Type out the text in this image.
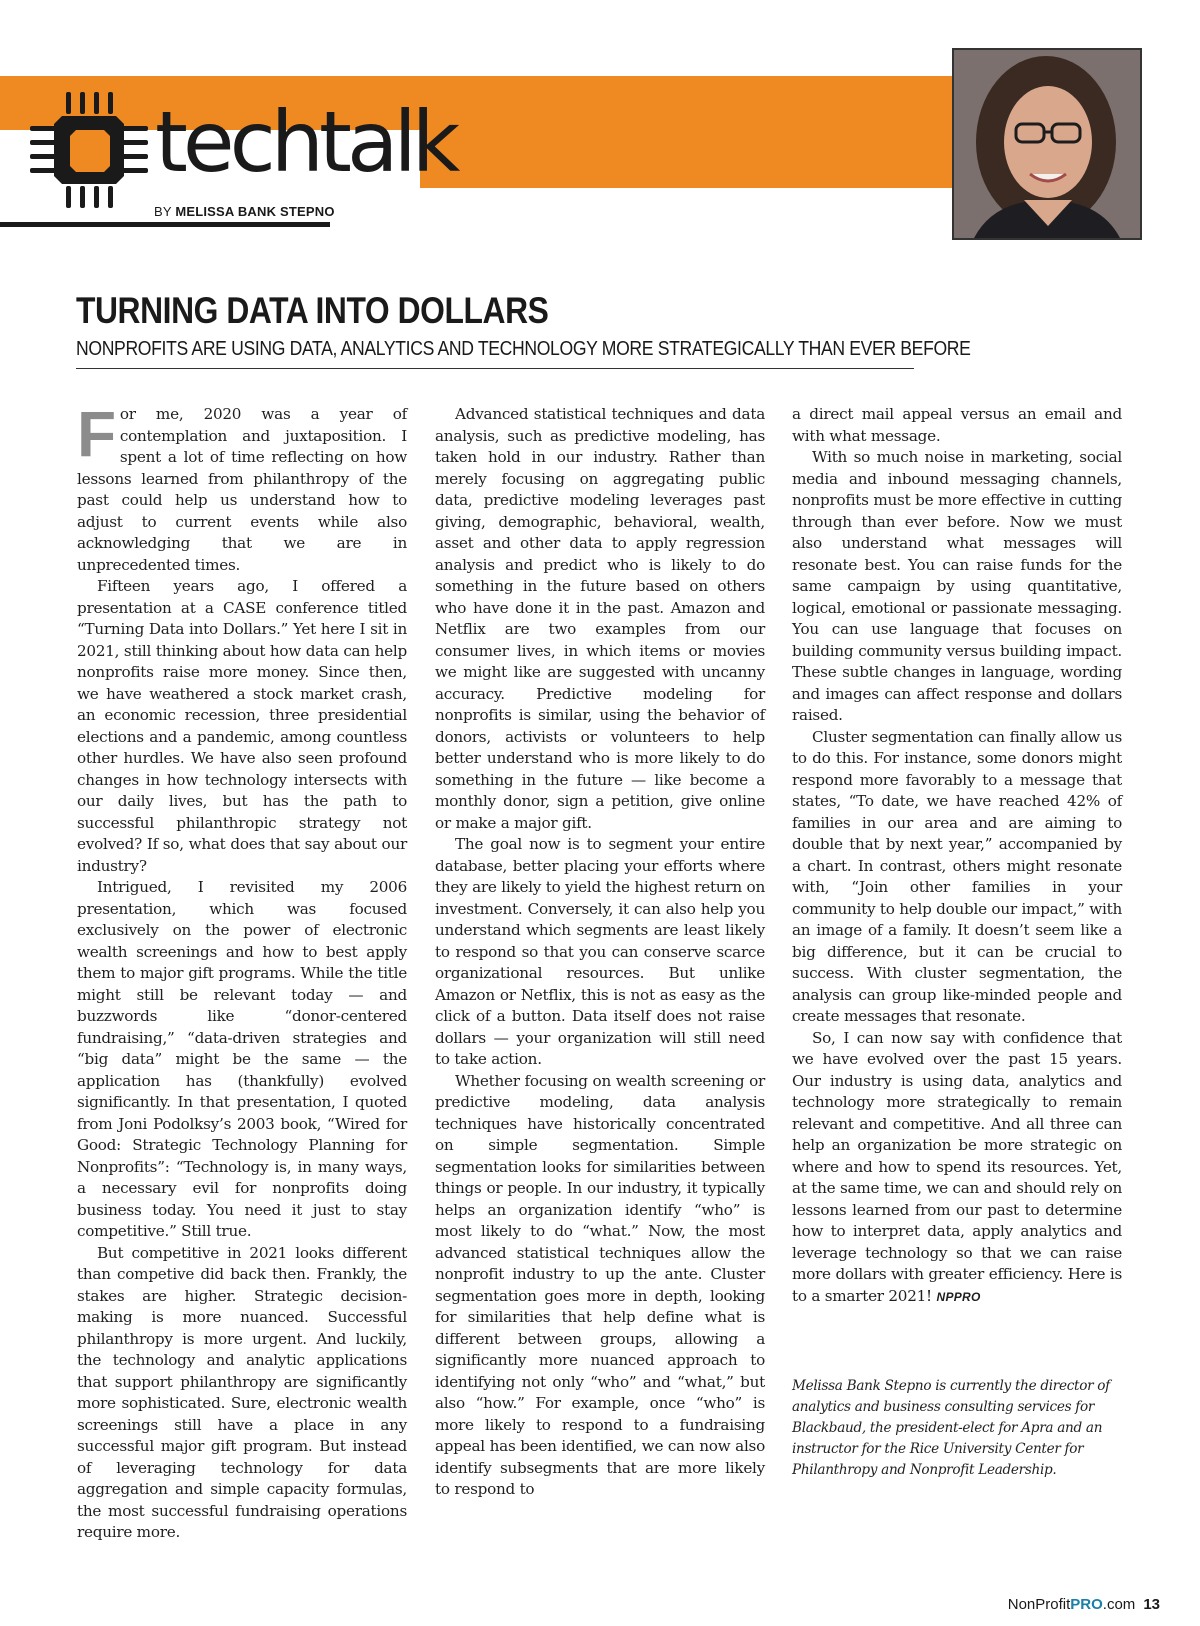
techtalk
BY MELISSA BANK STEPNO
TURNING DATA INTO DOLLARS
NONPROFITS ARE USING DATA, ANALYTICS AND TECHNOLOGY MORE STRATEGICALLY THAN EVER BEFORE

For me, 2020 was a year of contemplation and juxtaposition. I spent a lot of time reflecting on how lessons learned from philanthropy of the past could help us understand how to adjust to current events while also acknowledging that we are in unprecedented times.

Fifteen years ago, I offered a presentation at a CASE conference titled “Turning Data into Dollars.” Yet here I sit in 2021, still thinking about how data can help nonprofits raise more money. Since then, we have weathered a stock market crash, an economic recession, three presidential elections and a pandemic, among countless other hurdles. We have also seen profound changes in how technology intersects with our daily lives, but has the path to successful philanthropic strategy not evolved? If so, what does that say about our industry?

Intrigued, I revisited my 2006 presentation, which was focused exclusively on the power of electronic wealth screenings and how to best apply them to major gift programs. While the title might still be relevant today — and buzzwords like “donor-centered fundraising,” “data-driven strategies and “big data” might be the same — the application has (thankfully) evolved significantly. In that presentation, I quoted from Joni Podolksy’s 2003 book, “Wired for Good: Strategic Technology Planning for Nonprofits”: “Technology is, in many ways, a necessary evil for nonprofits doing business today. You need it just to stay competitive.” Still true.

But competitive in 2021 looks different than competive did back then. Frankly, the stakes are higher. Strategic decision-making is more nuanced. Successful philanthropy is more urgent. And luckily, the technology and analytic applications that support philanthropy are significantly more sophisticated. Sure, electronic wealth screenings still have a place in any successful major gift program. But instead of leveraging technology for data aggregation and simple capacity formulas, the most successful fundraising operations require more.

Advanced statistical techniques and data analysis, such as predictive modeling, has taken hold in our industry. Rather than merely focusing on aggregating public data, predictive modeling leverages past giving, demographic, behavioral, wealth, asset and other data to apply regression analysis and predict who is likely to do something in the future based on others who have done it in the past. Amazon and Netflix are two examples from our consumer lives, in which items or movies we might like are suggested with uncanny accuracy. Predictive modeling for nonprofits is similar, using the behavior of donors, activists or volunteers to help better understand who is more likely to do something in the future — like become a monthly donor, sign a petition, give online or make a major gift.

The goal now is to segment your entire database, better placing your efforts where they are likely to yield the highest return on investment. Conversely, it can also help you understand which segments are least likely to respond so that you can conserve scarce organizational resources. But unlike Amazon or Netflix, this is not as easy as the click of a button. Data itself does not raise dollars — your organization will still need to take action.

Whether focusing on wealth screening or predictive modeling, data analysis techniques have historically concentrated on simple segmentation. Simple segmentation looks for similarities between things or people. In our industry, it typically helps an organization identify “who” is most likely to do “what.” Now, the most advanced statistical techniques allow the nonprofit industry to up the ante. Cluster segmentation goes more in depth, looking for similarities that help define what is different between groups, allowing a significantly more nuanced approach to identifying not only “who” and “what,” but also “how.” For example, once “who” is more likely to respond to a fundraising appeal has been identified, we can now also identify subsegments that are more likely to respond to

a direct mail appeal versus an email and with what message.

With so much noise in marketing, social media and inbound messaging channels, nonprofits must be more effective in cutting through than ever before. Now we must also understand what messages will resonate best. You can raise funds for the same campaign by using quantitative, logical, emotional or passionate messaging. You can use language that focuses on building community versus building impact. These subtle changes in language, wording and images can affect response and dollars raised.

Cluster segmentation can finally allow us to do this. For instance, some donors might respond more favorably to a message that states, “To date, we have reached 42% of families in our area and are aiming to double that by next year,” accompanied by a chart. In contrast, others might resonate with, “Join other families in your community to help double our impact,” with an image of a family. It doesn’t seem like a big difference, but it can be crucial to success. With cluster segmentation, the analysis can group like-minded people and create messages that resonate.

So, I can now say with confidence that we have evolved over the past 15 years. Our industry is using data, analytics and technology more strategically to remain relevant and competitive. And all three can help an organization be more strategic on where and how to spend its resources. Yet, at the same time, we can and should rely on lessons learned from our past to determine how to interpret data, apply analytics and leverage technology so that we can raise more dollars with greater efficiency. Here is to a smarter 2021! NPPRO

Melissa Bank Stepno is currently the director of analytics and business consulting services for Blackbaud, the president-elect for Apra and an instructor for the Rice University Center for Philanthropy and Nonprofit Leadership.
NonProfitPRO.com 13
